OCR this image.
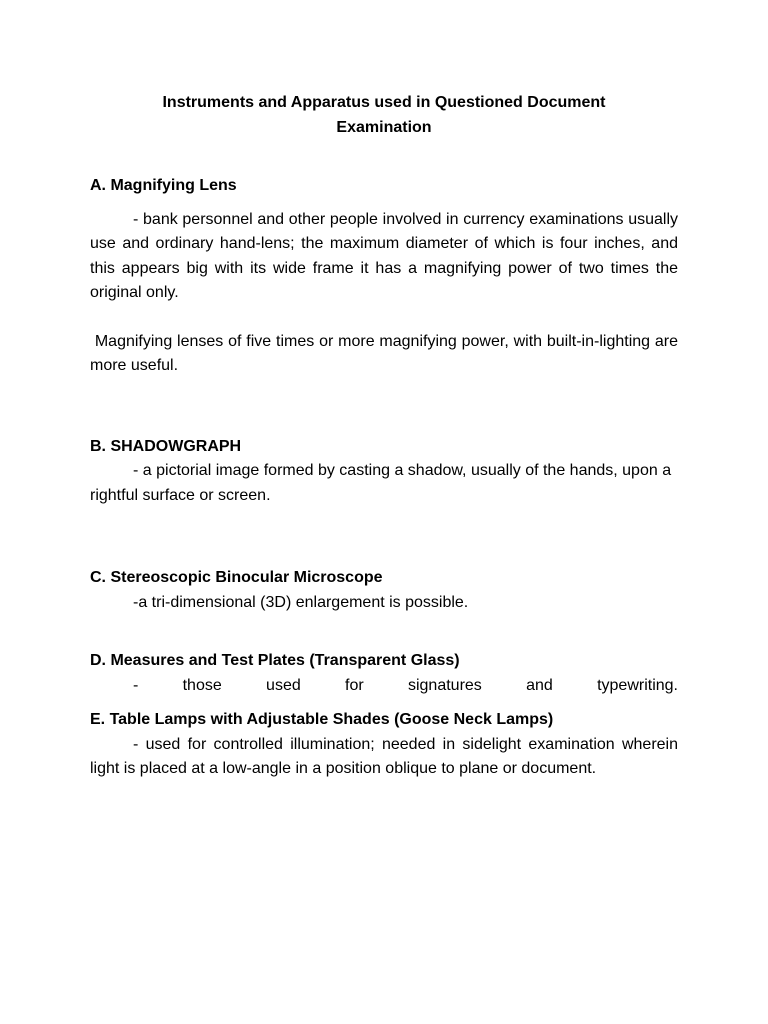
Instruments and Apparatus used in Questioned Document

Examination

A. Magnifying Lens

- bank personnel and other people involved in currency examinations usually use and ordinary hand-lens; the maximum diameter of which is four inches, and this appears big with its wide frame it has a magnifying power of two times the original only.

Magnifying lenses of five times or more magnifying power, with built-in-lighting are more useful.

B. SHADOWGRAPH

- a pictorial image formed by casting a shadow, usually of the hands, upon a rightful surface or screen.

C. Stereoscopic Binocular Microscope

-a tri-dimensional (3D) enlargement is possible.

D. Measures and Test Plates (Transparent Glass)

- those used for signatures and typewriting.

E. Table Lamps with Adjustable Shades (Goose Neck Lamps)

- used for controlled illumination; needed in sidelight examination wherein light is placed at a low-angle in a position oblique to plane or document.
